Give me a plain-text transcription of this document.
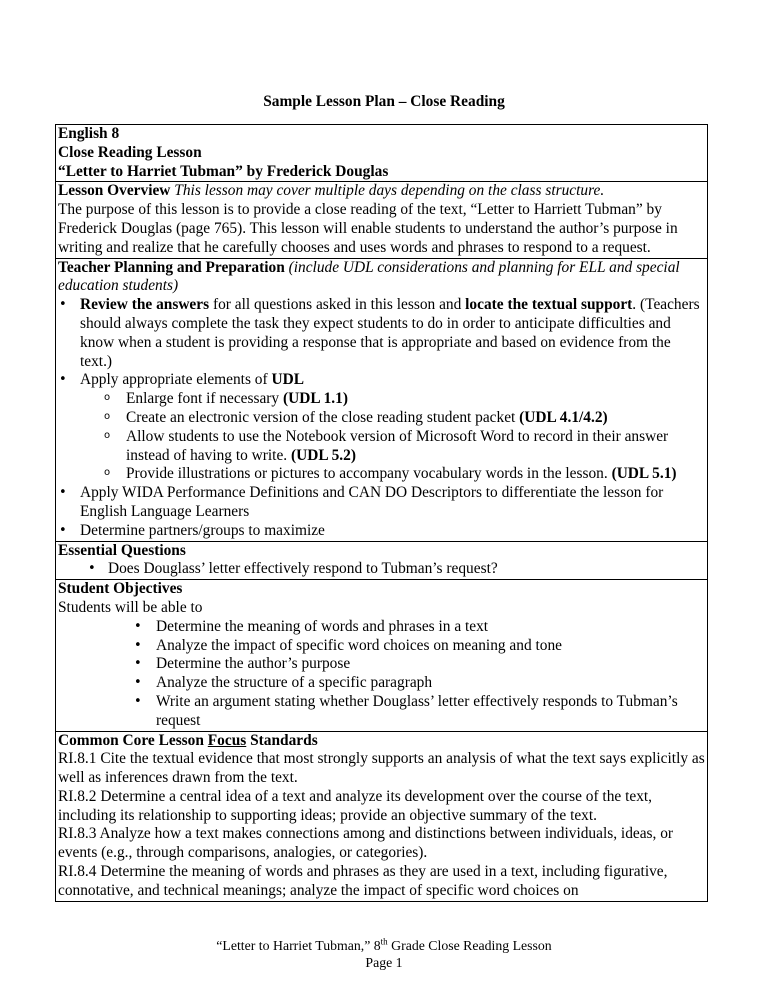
Sample Lesson Plan – Close Reading
English 8
Close Reading Lesson
“Letter to Harriet Tubman” by Frederick Douglas
Lesson Overview This lesson may cover multiple days depending on the class structure.
The purpose of this lesson is to provide a close reading of the text, “Letter to Harriett Tubman” by Frederick Douglas (page 765). This lesson will enable students to understand the author’s purpose in writing and realize that he carefully chooses and uses words and phrases to respond to a request.
Teacher Planning and Preparation (include UDL considerations and planning for ELL and special education students)
• Review the answers for all questions asked in this lesson and locate the textual support. (Teachers should always complete the task they expect students to do in order to anticipate difficulties and know when a student is providing a response that is appropriate and based on evidence from the text.)
• Apply appropriate elements of UDL
o Enlarge font if necessary (UDL 1.1)
o Create an electronic version of the close reading student packet (UDL 4.1/4.2)
o Allow students to use the Notebook version of Microsoft Word to record in their answer instead of having to write. (UDL 5.2)
o Provide illustrations or pictures to accompany vocabulary words in the lesson. (UDL 5.1)
• Apply WIDA Performance Definitions and CAN DO Descriptors to differentiate the lesson for English Language Learners
• Determine partners/groups to maximize
Essential Questions
• Does Douglass’ letter effectively respond to Tubman’s request?
Student Objectives
Students will be able to
• Determine the meaning of words and phrases in a text
• Analyze the impact of specific word choices on meaning and tone
• Determine the author’s purpose
• Analyze the structure of a specific paragraph
• Write an argument stating whether Douglass’ letter effectively responds to Tubman’s request
Common Core Lesson Focus Standards
RI.8.1 Cite the textual evidence that most strongly supports an analysis of what the text says explicitly as well as inferences drawn from the text.
RI.8.2 Determine a central idea of a text and analyze its development over the course of the text, including its relationship to supporting ideas; provide an objective summary of the text.
RI.8.3 Analyze how a text makes connections among and distinctions between individuals, ideas, or events (e.g., through comparisons, analogies, or categories).
RI.8.4 Determine the meaning of words and phrases as they are used in a text, including figurative, connotative, and technical meanings; analyze the impact of specific word choices on
“Letter to Harriet Tubman,” 8th Grade Close Reading Lesson
Page 1
